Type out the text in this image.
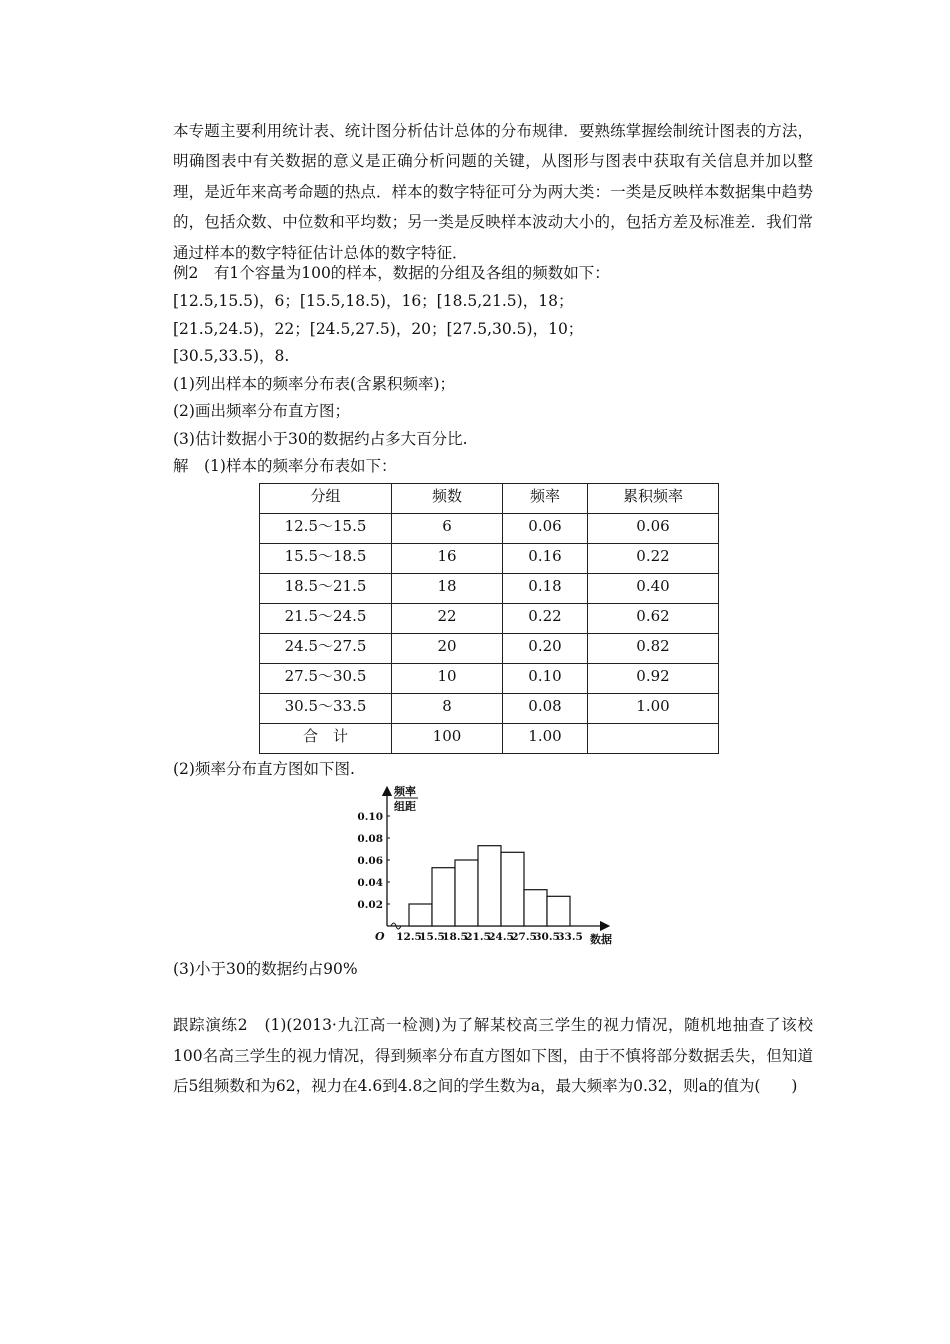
本专题主要利用统计表、统计图分析估计总体的分布规律．要熟练掌握绘制统计图表的方法，明确图表中有关数据的意义是正确分析问题的关键，从图形与图表中获取有关信息并加以整理，是近年来高考命题的热点．样本的数字特征可分为两大类：一类是反映样本数据集中趋势的，包括众数、中位数和平均数；另一类是反映样本波动大小的，包括方差及标准差．我们常通过样本的数字特征估计总体的数字特征．

例2　有1个容量为100的样本，数据的分组及各组的频数如下：
[12.5,15.5)，6；[15.5,18.5)，16；[18.5,21.5)，18；
[21.5,24.5)，22；[24.5,27.5)，20；[27.5,30.5)，10；
[30.5,33.5)，8.
(1)列出样本的频率分布表(含累积频率)；
(2)画出频率分布直方图；
(3)估计数据小于30的数据约占多大百分比.
解　(1)样本的频率分布表如下：
分组	频数	频率	累积频率
12.5～15.5	6	0.06	0.06
15.5～18.5	16	0.16	0.22
18.5～21.5	18	0.18	0.40
21.5～24.5	22	0.22	0.62
24.5～27.5	20	0.20	0.82
27.5～30.5	10	0.10	0.92
30.5～33.5	8	0.08	1.00
合　计	100	1.00	
(2)频率分布直方图如下图.
频率
组距
O	数据
0.02
0.04
0.06
0.08
0.10
12.5
15.5
18.5
21.5
24.5
27.5
30.5
33.5
(3)小于30的数据约占90%

跟踪演练2　(1)(2013·九江高一检测)为了解某校高三学生的视力情况，随机地抽查了该校100名高三学生的视力情况，得到频率分布直方图如下图，由于不慎将部分数据丢失，但知道后5组频数和为62，视力在4.6到4.8之间的学生数为a，最大频率为0.32，则a的值为(　　)
